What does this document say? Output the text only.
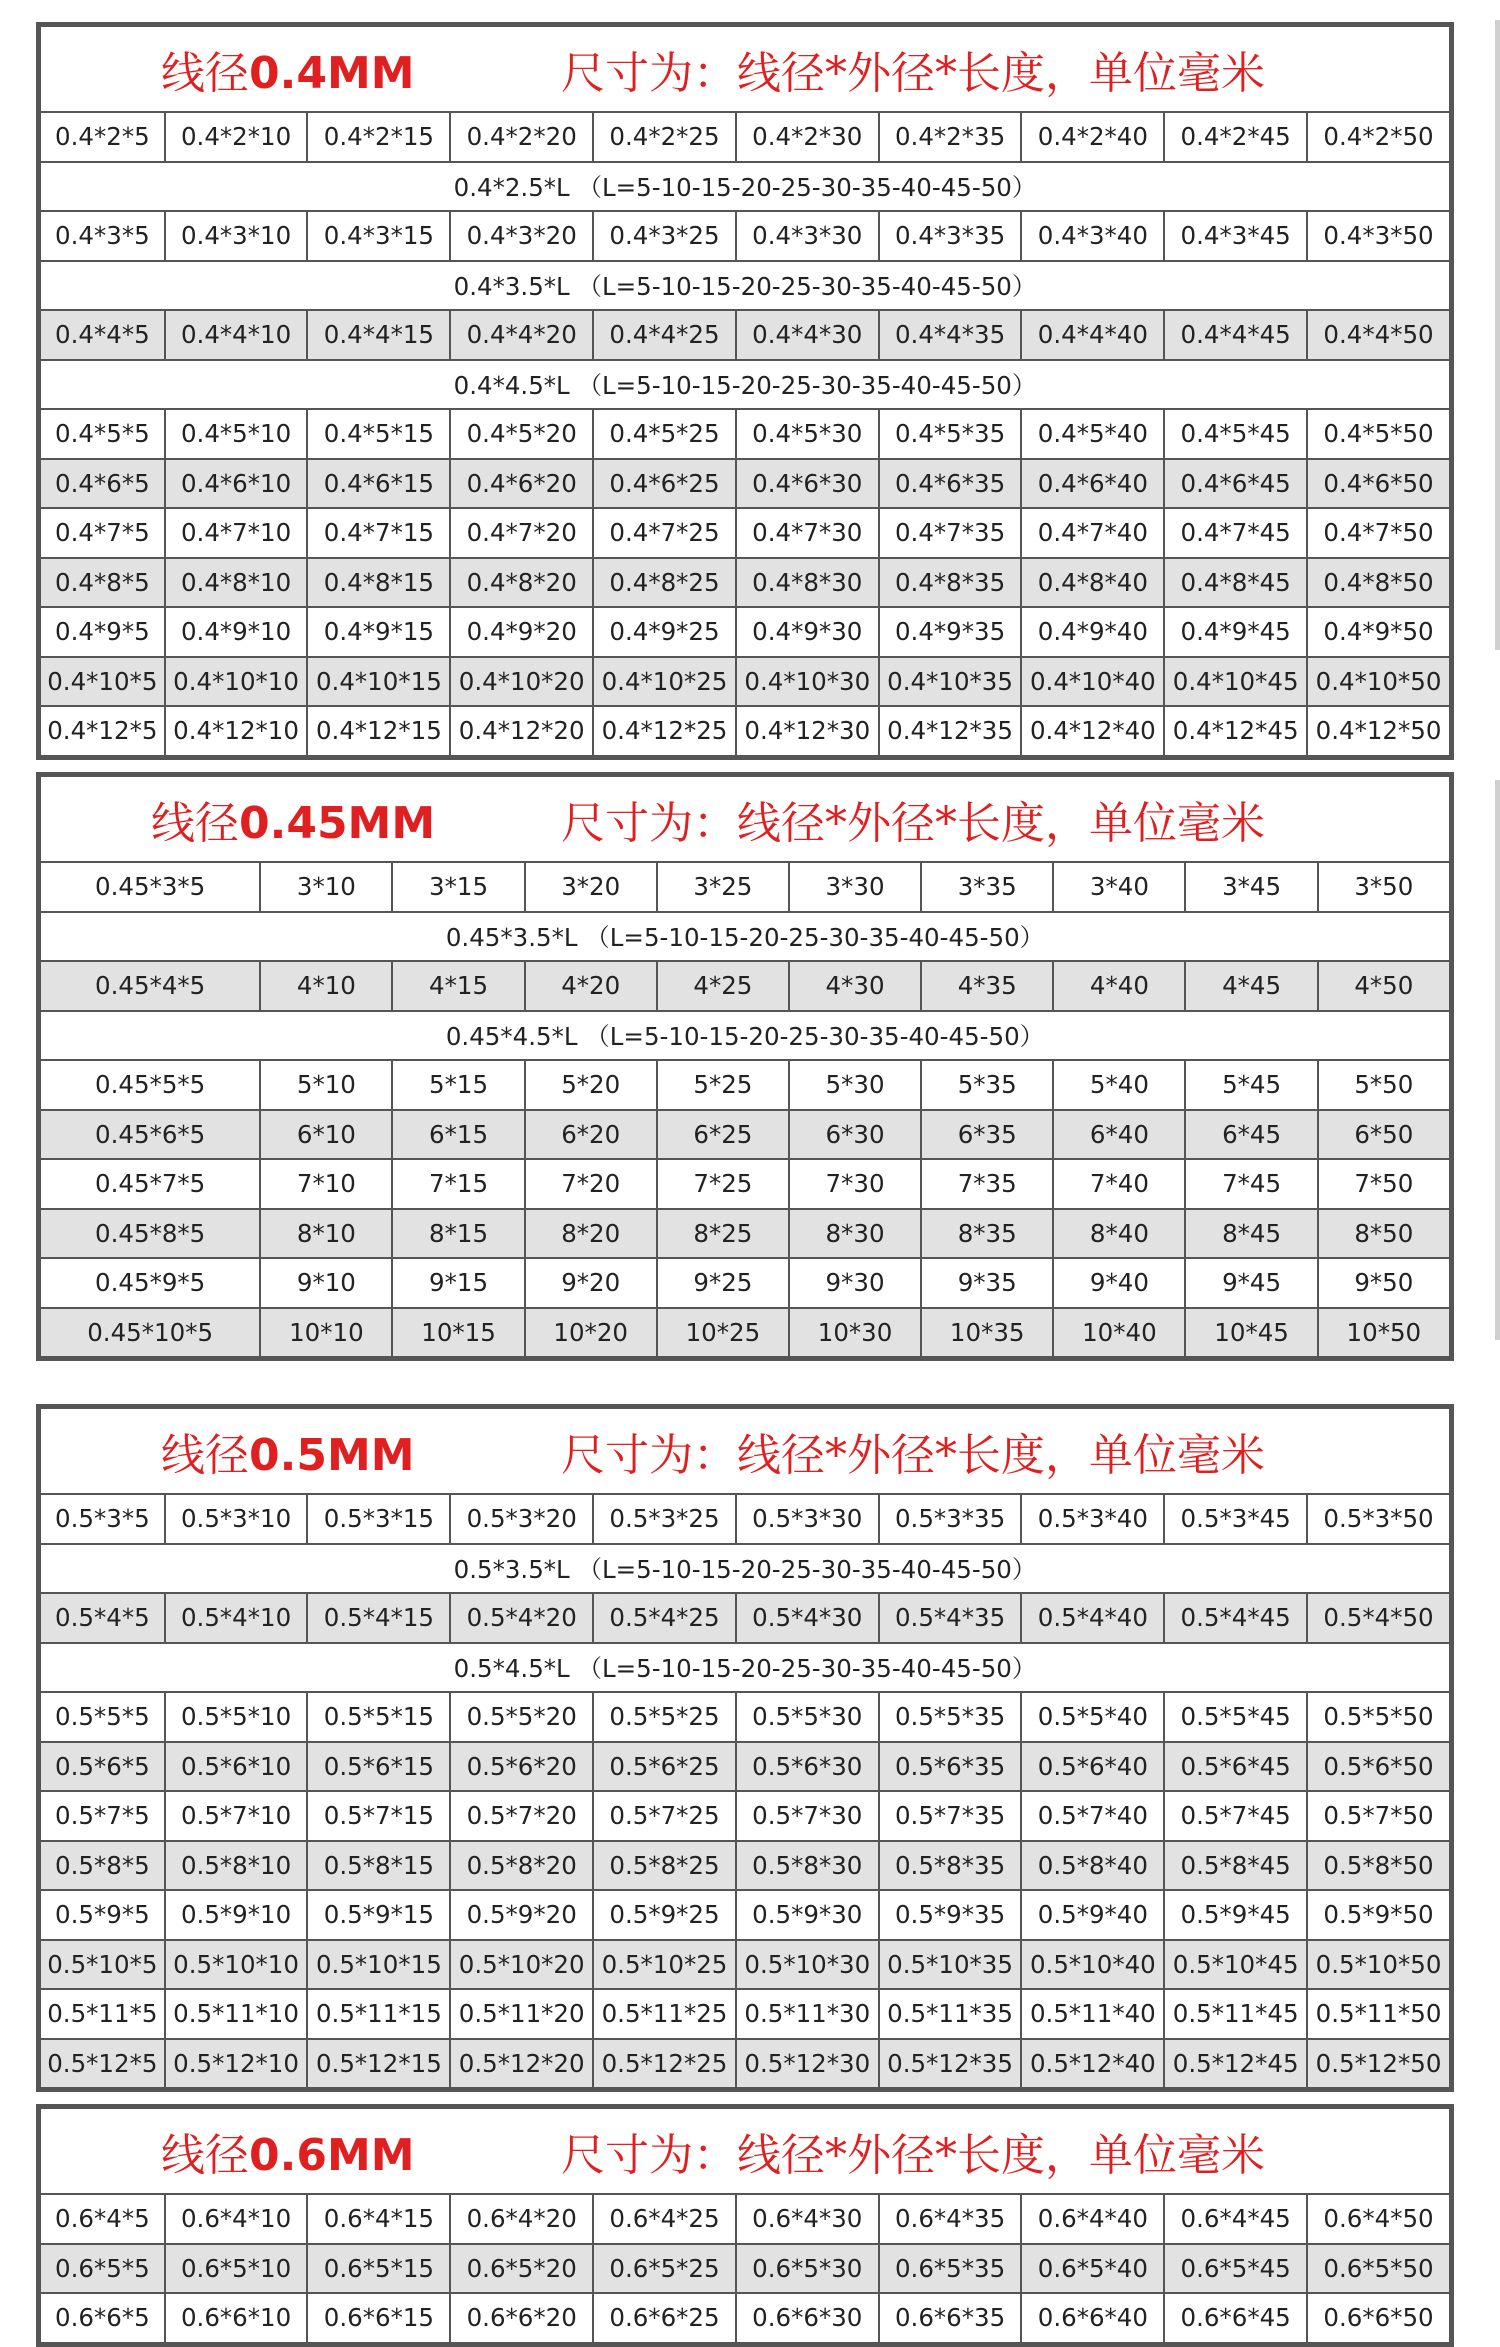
线径0.4MM 尺寸为：线径*外径*长度，单位毫米									

0.4*2*5	0.4*2*10	0.4*2*15	0.4*2*20	0.4*2*25	0.4*2*30	0.4*2*35	0.4*2*40	0.4*2*45	0.4*2*50
0.4*2.5*L （L=5-10-15-20-25-30-35-40-45-50）									
0.4*3*5	0.4*3*10	0.4*3*15	0.4*3*20	0.4*3*25	0.4*3*30	0.4*3*35	0.4*3*40	0.4*3*45	0.4*3*50
0.4*3.5*L （L=5-10-15-20-25-30-35-40-45-50）									
0.4*4*5	0.4*4*10	0.4*4*15	0.4*4*20	0.4*4*25	0.4*4*30	0.4*4*35	0.4*4*40	0.4*4*45	0.4*4*50
0.4*4.5*L （L=5-10-15-20-25-30-35-40-45-50）									
0.4*5*5	0.4*5*10	0.4*5*15	0.4*5*20	0.4*5*25	0.4*5*30	0.4*5*35	0.4*5*40	0.4*5*45	0.4*5*50
0.4*6*5	0.4*6*10	0.4*6*15	0.4*6*20	0.4*6*25	0.4*6*30	0.4*6*35	0.4*6*40	0.4*6*45	0.4*6*50
0.4*7*5	0.4*7*10	0.4*7*15	0.4*7*20	0.4*7*25	0.4*7*30	0.4*7*35	0.4*7*40	0.4*7*45	0.4*7*50
0.4*8*5	0.4*8*10	0.4*8*15	0.4*8*20	0.4*8*25	0.4*8*30	0.4*8*35	0.4*8*40	0.4*8*45	0.4*8*50
0.4*9*5	0.4*9*10	0.4*9*15	0.4*9*20	0.4*9*25	0.4*9*30	0.4*9*35	0.4*9*40	0.4*9*45	0.4*9*50
0.4*10*5	0.4*10*10	0.4*10*15	0.4*10*20	0.4*10*25	0.4*10*30	0.4*10*35	0.4*10*40	0.4*10*45	0.4*10*50
0.4*12*5	0.4*12*10	0.4*12*15	0.4*12*20	0.4*12*25	0.4*12*30	0.4*12*35	0.4*12*40	0.4*12*45	0.4*12*50
线径0.45MM 尺寸为：线径*外径*长度，单位毫米									

0.45*3*5	3*10	3*15	3*20	3*25	3*30	3*35	3*40	3*45	3*50
0.45*3.5*L （L=5-10-15-20-25-30-35-40-45-50）									
0.45*4*5	4*10	4*15	4*20	4*25	4*30	4*35	4*40	4*45	4*50
0.45*4.5*L （L=5-10-15-20-25-30-35-40-45-50）									
0.45*5*5	5*10	5*15	5*20	5*25	5*30	5*35	5*40	5*45	5*50
0.45*6*5	6*10	6*15	6*20	6*25	6*30	6*35	6*40	6*45	6*50
0.45*7*5	7*10	7*15	7*20	7*25	7*30	7*35	7*40	7*45	7*50
0.45*8*5	8*10	8*15	8*20	8*25	8*30	8*35	8*40	8*45	8*50
0.45*9*5	9*10	9*15	9*20	9*25	9*30	9*35	9*40	9*45	9*50
0.45*10*5	10*10	10*15	10*20	10*25	10*30	10*35	10*40	10*45	10*50
线径0.5MM 尺寸为：线径*外径*长度，单位毫米									

0.5*3*5	0.5*3*10	0.5*3*15	0.5*3*20	0.5*3*25	0.5*3*30	0.5*3*35	0.5*3*40	0.5*3*45	0.5*3*50
0.5*3.5*L （L=5-10-15-20-25-30-35-40-45-50）									
0.5*4*5	0.5*4*10	0.5*4*15	0.5*4*20	0.5*4*25	0.5*4*30	0.5*4*35	0.5*4*40	0.5*4*45	0.5*4*50
0.5*4.5*L （L=5-10-15-20-25-30-35-40-45-50）									
0.5*5*5	0.5*5*10	0.5*5*15	0.5*5*20	0.5*5*25	0.5*5*30	0.5*5*35	0.5*5*40	0.5*5*45	0.5*5*50
0.5*6*5	0.5*6*10	0.5*6*15	0.5*6*20	0.5*6*25	0.5*6*30	0.5*6*35	0.5*6*40	0.5*6*45	0.5*6*50
0.5*7*5	0.5*7*10	0.5*7*15	0.5*7*20	0.5*7*25	0.5*7*30	0.5*7*35	0.5*7*40	0.5*7*45	0.5*7*50
0.5*8*5	0.5*8*10	0.5*8*15	0.5*8*20	0.5*8*25	0.5*8*30	0.5*8*35	0.5*8*40	0.5*8*45	0.5*8*50
0.5*9*5	0.5*9*10	0.5*9*15	0.5*9*20	0.5*9*25	0.5*9*30	0.5*9*35	0.5*9*40	0.5*9*45	0.5*9*50
0.5*10*5	0.5*10*10	0.5*10*15	0.5*10*20	0.5*10*25	0.5*10*30	0.5*10*35	0.5*10*40	0.5*10*45	0.5*10*50
0.5*11*5	0.5*11*10	0.5*11*15	0.5*11*20	0.5*11*25	0.5*11*30	0.5*11*35	0.5*11*40	0.5*11*45	0.5*11*50
0.5*12*5	0.5*12*10	0.5*12*15	0.5*12*20	0.5*12*25	0.5*12*30	0.5*12*35	0.5*12*40	0.5*12*45	0.5*12*50
线径0.6MM 尺寸为：线径*外径*长度，单位毫米									

0.6*4*5	0.6*4*10	0.6*4*15	0.6*4*20	0.6*4*25	0.6*4*30	0.6*4*35	0.6*4*40	0.6*4*45	0.6*4*50
0.6*5*5	0.6*5*10	0.6*5*15	0.6*5*20	0.6*5*25	0.6*5*30	0.6*5*35	0.6*5*40	0.6*5*45	0.6*5*50
0.6*6*5	0.6*6*10	0.6*6*15	0.6*6*20	0.6*6*25	0.6*6*30	0.6*6*35	0.6*6*40	0.6*6*45	0.6*6*50
